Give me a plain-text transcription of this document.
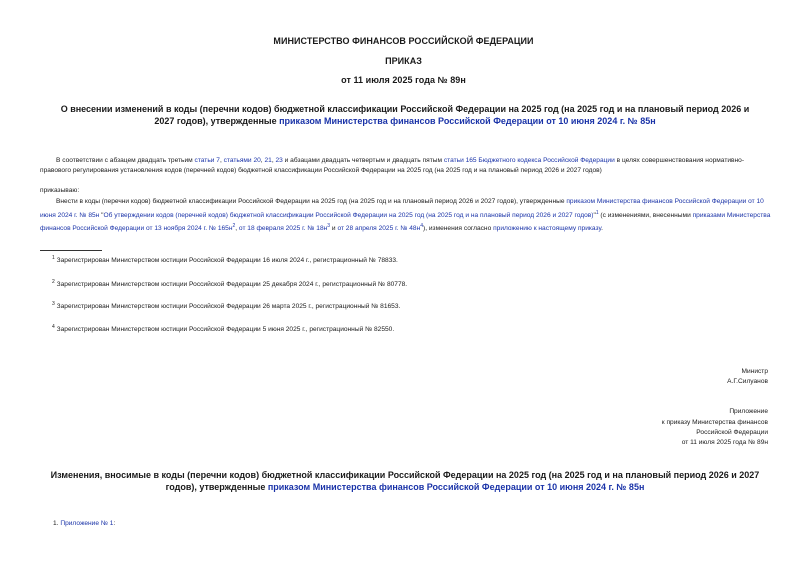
МИНИСТЕРСТВО ФИНАНСОВ РОССИЙСКОЙ ФЕДЕРАЦИИ
ПРИКАЗ
от 11 июля 2025 года № 89н
О внесении изменений в коды (перечни кодов) бюджетной классификации Российской Федерации на 2025 год (на 2025 год и на плановый период 2026 и 2027 годов), утвержденные приказом Министерства финансов Российской Федерации от 10 июня 2024 г. № 85н
В соответствии с абзацем двадцать третьим статьи 7, статьями 20, 21, 23 и абзацами двадцать четвертым и двадцать пятым статьи 165 Бюджетного кодекса Российской Федерации в целях совершенствования нормативно-правового регулирования установления кодов (перечней кодов) бюджетной классификации Российской Федерации на 2025 год (на 2025 год и на плановый период 2026 и 2027 годов)
приказываю:
Внести в коды (перечни кодов) бюджетной классификации Российской Федерации на 2025 год (на 2025 год и на плановый период 2026 и 2027 годов), утвержденные приказом Министерства финансов Российской Федерации от 10 июня 2024 г. № 85н "Об утверждении кодов (перечней кодов) бюджетной классификации Российской Федерации на 2025 год (на 2025 год и на плановый период 2026 и 2027 годов)"$^1$ (с изменениями, внесенными приказами Министерства финансов Российской Федерации от 13 ноября 2024 г. № 165н$^2$, от 18 февраля 2025 г. № 18н$^3$ и от 28 апреля 2025 г. № 48н$^4$), изменения согласно приложению к настоящему приказу.
$^1$ Зарегистрирован Министерством юстиции Российской Федерации 16 июля 2024 г., регистрационный № 78833.
$^2$ Зарегистрирован Министерством юстиции Российской Федерации 25 декабря 2024 г., регистрационный № 80778.
$^3$ Зарегистрирован Министерством юстиции Российской Федерации 26 марта 2025 г., регистрационный № 81653.
$^4$ Зарегистрирован Министерством юстиции Российской Федерации 5 июня 2025 г., регистрационный № 82550.
Министр
А.Г.Силуанов
Приложение
к приказу Министерства финансов
Российской Федерации
от 11 июля 2025 года № 89н
Изменения, вносимые в коды (перечни кодов) бюджетной классификации Российской Федерации на 2025 год (на 2025 год и на плановый период 2026 и 2027 годов), утвержденные приказом Министерства финансов Российской Федерации от 10 июня 2024 г. № 85н
1. Приложение № 1:
